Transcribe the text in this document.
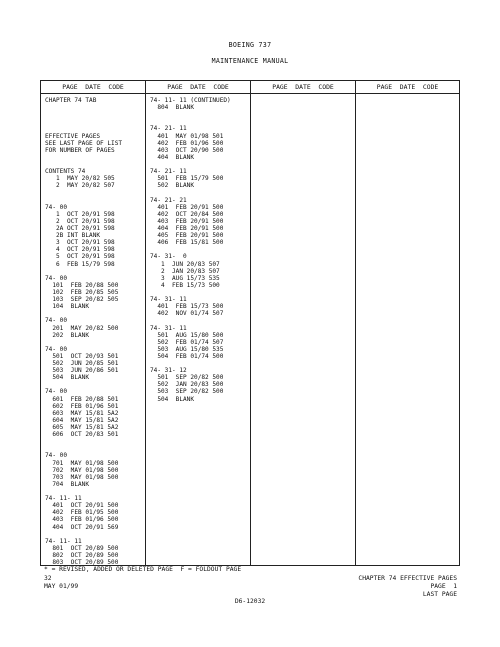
BOEING 737
MAINTENANCE MANUAL
PAGE  DATE  CODE
CHAPTER 74 TAB
EFFECTIVE PAGES
SEE LAST PAGE OF LIST
FOR NUMBER OF PAGES
CONTENTS 74
1  MAY 20/82 505
2  MAY 20/82 507
74- 00
1  OCT 20/91 598
2  OCT 20/91 598
2A OCT 20/91 598
2B INT BLANK
3  OCT 20/91 598
4  OCT 20/91 598
5  OCT 20/91 598
6  FEB 15/79 598
74- 00
101  FEB 20/88 500
102  FEB 20/85 505
103  SEP 20/82 505
104  BLANK
74- 00
201  MAY 20/82 500
202  BLANK
74- 00
501  OCT 20/93 501
502  JUN 20/85 501
503  JUN 20/86 501
504  BLANK
74- 00
601  FEB 20/88 501
602  FEB 01/96 501
603  MAY 15/81 5A2
604  MAY 15/81 5A2
605  MAY 15/81 5A2
606  OCT 20/83 501
74- 00
701  MAY 01/98 500
702  MAY 01/98 500
703  MAY 01/98 500
704  BLANK
74- 11- 11
401  OCT 20/91 500
402  FEB 01/95 500
403  FEB 01/96 500
404  OCT 20/91 569
74- 11- 11
801  OCT 20/89 500
802  OCT 20/89 500
803  OCT 20/89 500
PAGE  DATE  CODE
74- 11- 11 (CONTINUED)
804  BLANK
74- 21- 11
401  MAY 01/98 501
402  FEB 01/96 500
403  OCT 20/90 500
404  BLANK
74- 21- 11
501  FEB 15/79 500
502  BLANK
74- 21- 21
401  FEB 20/91 500
402  OCT 20/84 500
403  FEB 20/91 500
404  FEB 20/91 500
405  FEB 20/91 500
406  FEB 15/81 500
74- 31-  0
1  JUN 20/83 507
2  JAN 20/83 507
3  AUG 15/73 535
4  FEB 15/73 500
74- 31- 11
401  FEB 15/73 500
402  NOV 01/74 507
74- 31- 11
501  AUG 15/80 500
502  FEB 01/74 507
503  AUG 15/80 535
504  FEB 01/74 500
74- 31- 12
501  SEP 20/82 500
502  JAN 20/83 500
503  SEP 20/82 500
504  BLANK
PAGE  DATE  CODE	PAGE  DATE  CODE
* = REVISED, ADDED OR DELETED PAGE  F = FOLDOUT PAGE
32
MAY 01/99
CHAPTER 74 EFFECTIVE PAGES
PAGE  1
LAST PAGE
D6-12032
